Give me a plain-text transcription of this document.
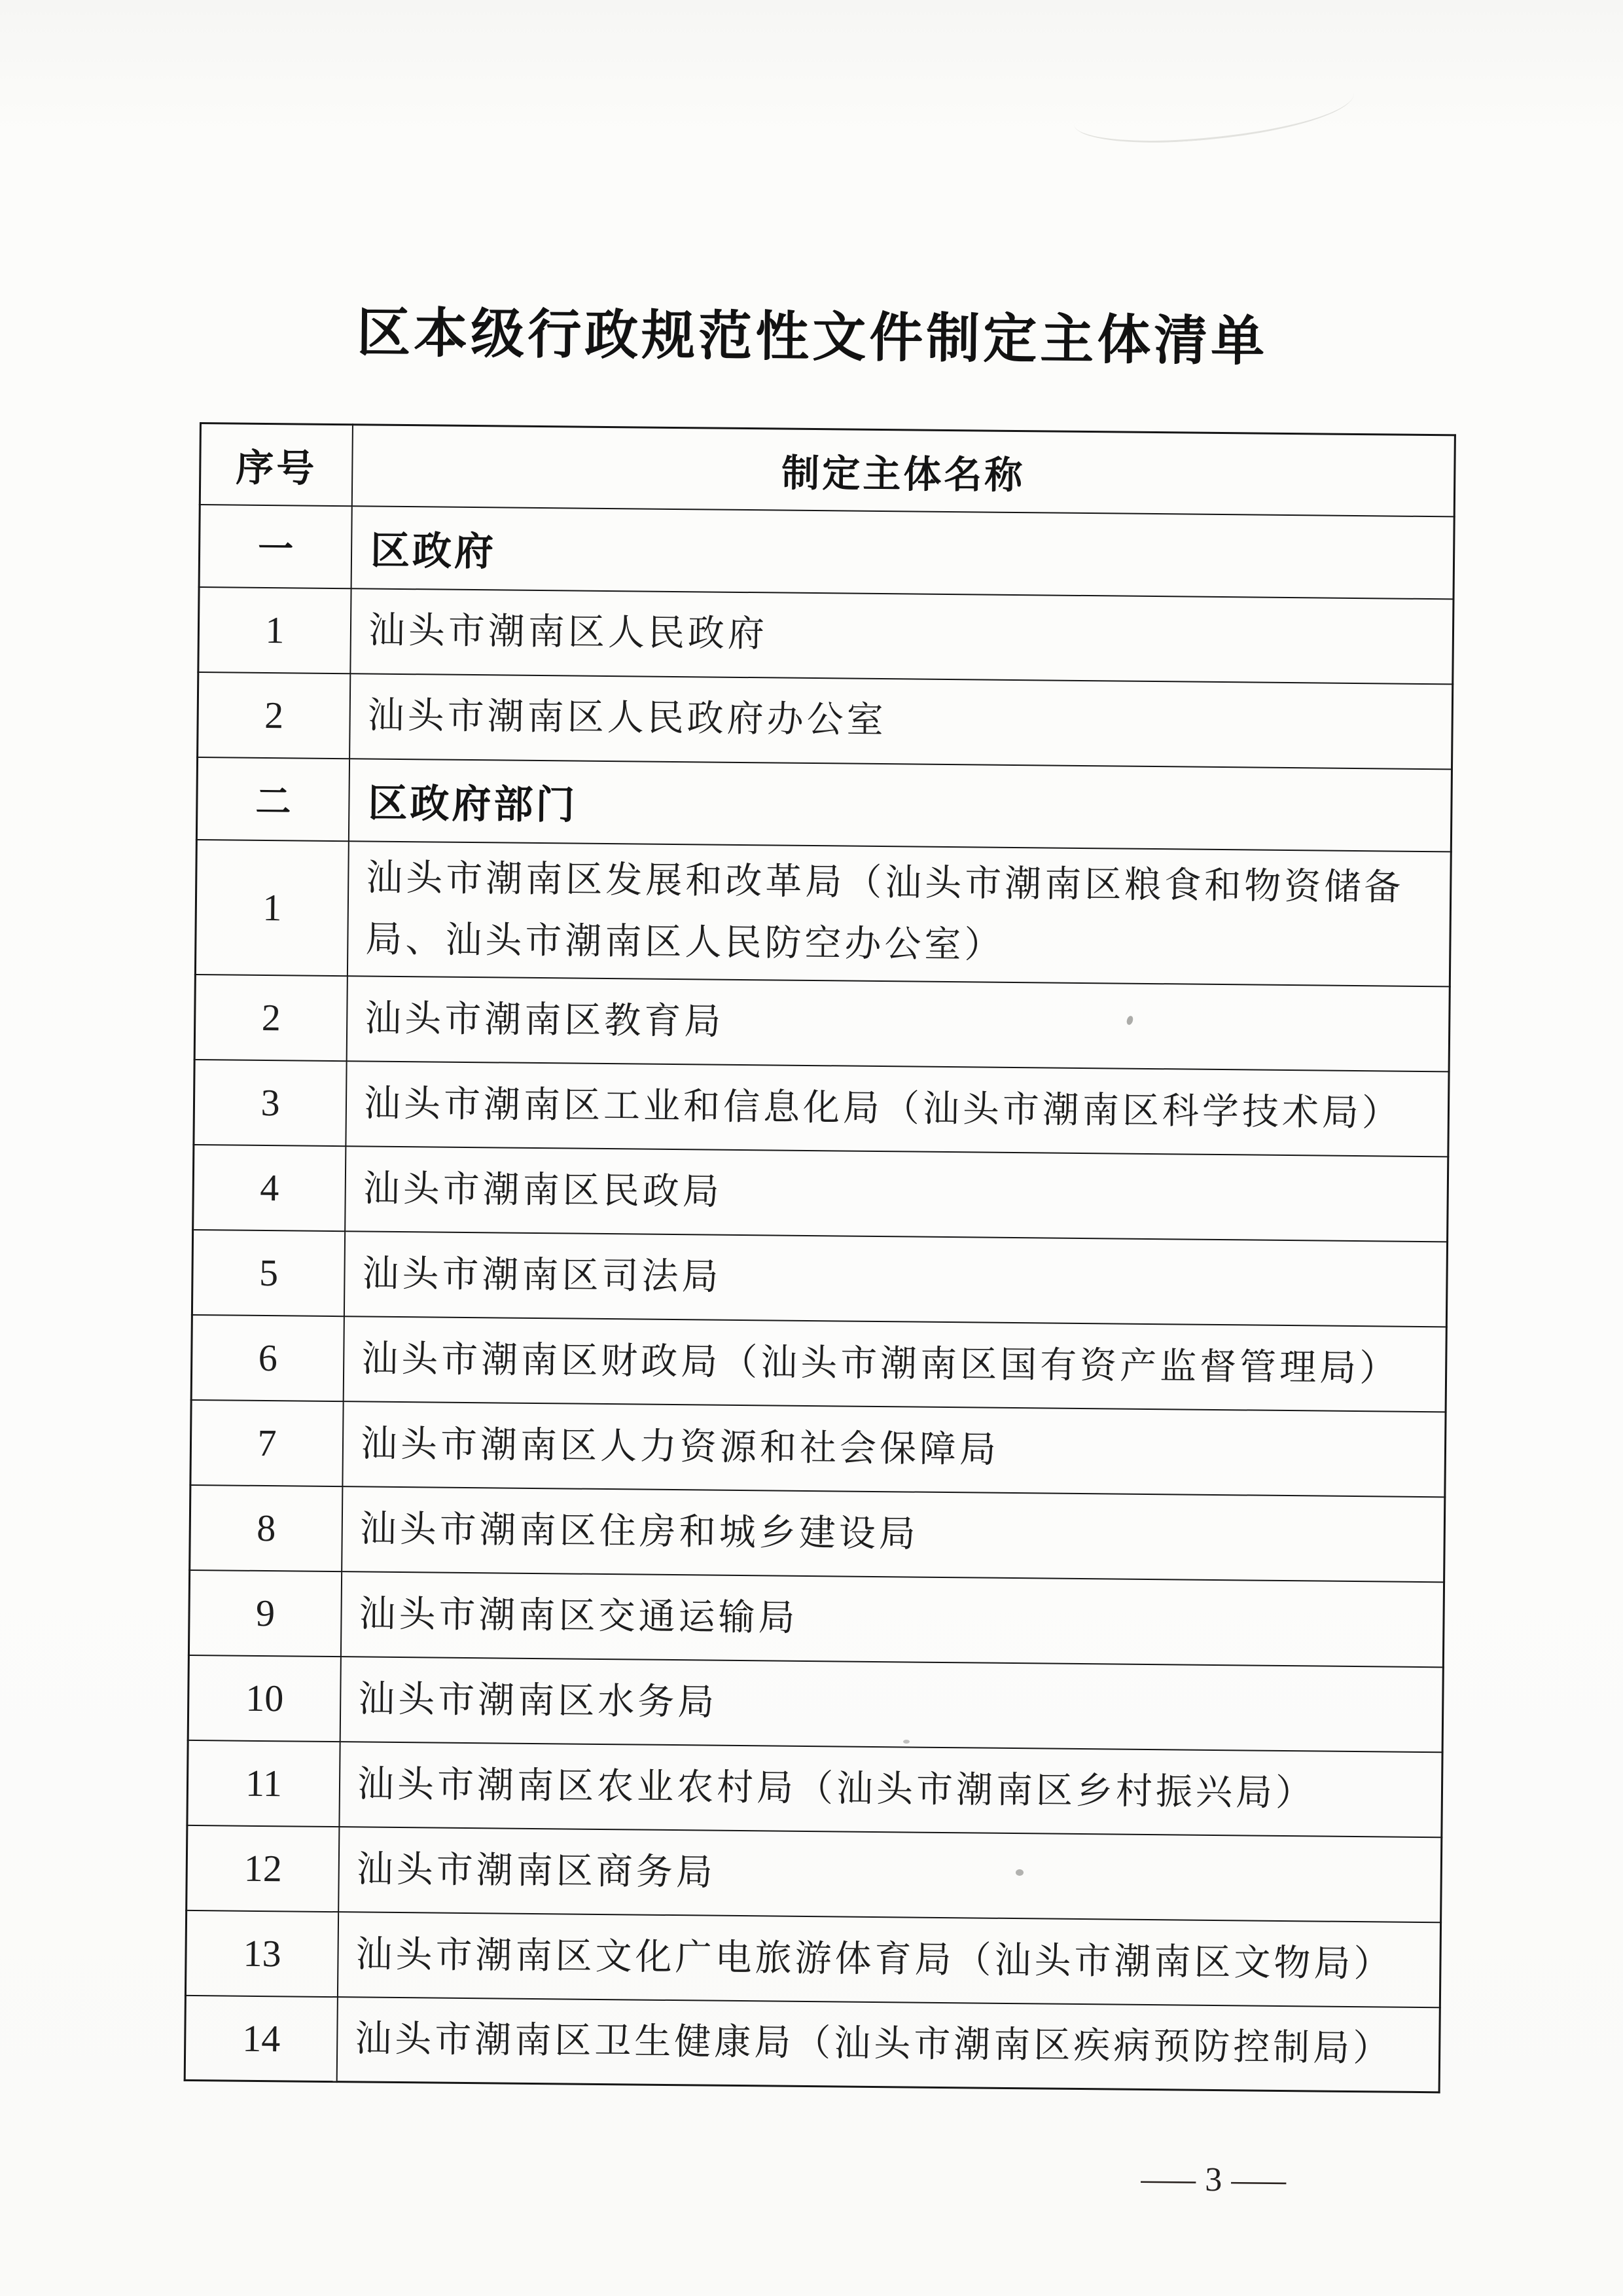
区本级行政规范性文件制定主体清单
序号	制定主体名称
一	区政府
1	汕头市潮南区人民政府
2	汕头市潮南区人民政府办公室
二	区政府部门
1	汕头市潮南区发展和改革局（汕头市潮南区粮食和物资储备局、汕头市潮南区人民防空办公室）
2	汕头市潮南区教育局
3	汕头市潮南区工业和信息化局（汕头市潮南区科学技术局）
4	汕头市潮南区民政局
5	汕头市潮南区司法局
6	汕头市潮南区财政局（汕头市潮南区国有资产监督管理局）
7	汕头市潮南区人力资源和社会保障局
8	汕头市潮南区住房和城乡建设局
9	汕头市潮南区交通运输局
10	汕头市潮南区水务局
11	汕头市潮南区农业农村局（汕头市潮南区乡村振兴局）
12	汕头市潮南区商务局
13	汕头市潮南区文化广电旅游体育局（汕头市潮南区文物局）
14	汕头市潮南区卫生健康局（汕头市潮南区疾病预防控制局）
— 3 —
